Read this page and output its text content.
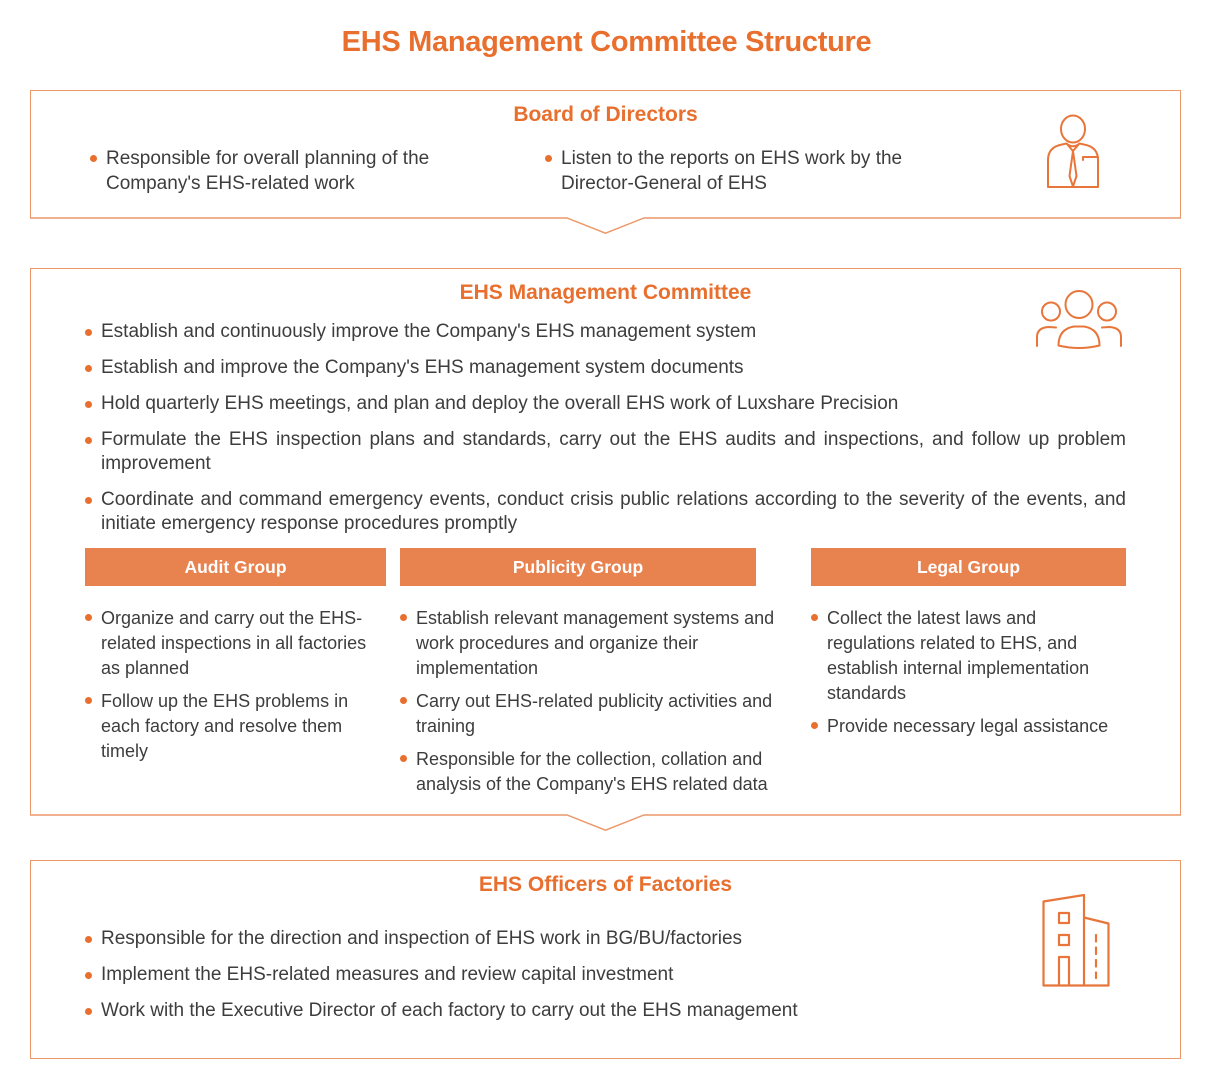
EHS Management Committee Structure
Board of Directors
Responsible for overall planning of the Company's EHS-related work
Listen to the reports on EHS work by the Director-General of EHS
EHS Management Committee
Establish and continuously improve the Company's EHS management system
Establish and improve the Company's EHS management system documents
Hold quarterly EHS meetings, and plan and deploy the overall EHS work of Luxshare Precision
Formulate the EHS inspection plans and standards, carry out the EHS audits and inspections, and follow up problem improvement
Coordinate and command emergency events, conduct crisis public relations according to the severity of the events, and initiate emergency response procedures promptly
Audit Group
Organize and carry out the EHS-related inspections in all factories as planned
Follow up the EHS problems in each factory and resolve them timely
Publicity Group
Establish relevant management systems and work procedures and organize their implementation
Carry out EHS-related publicity activities and training
Responsible for the collection, collation and analysis of the Company's EHS related data
Legal Group
Collect the latest laws and regulations related to EHS, and establish internal implementation standards
Provide necessary legal assistance
EHS Officers of Factories
Responsible for the direction and inspection of EHS work in BG/BU/factories
Implement the EHS-related measures and review capital investment
Work with the Executive Director of each factory to carry out the EHS management
